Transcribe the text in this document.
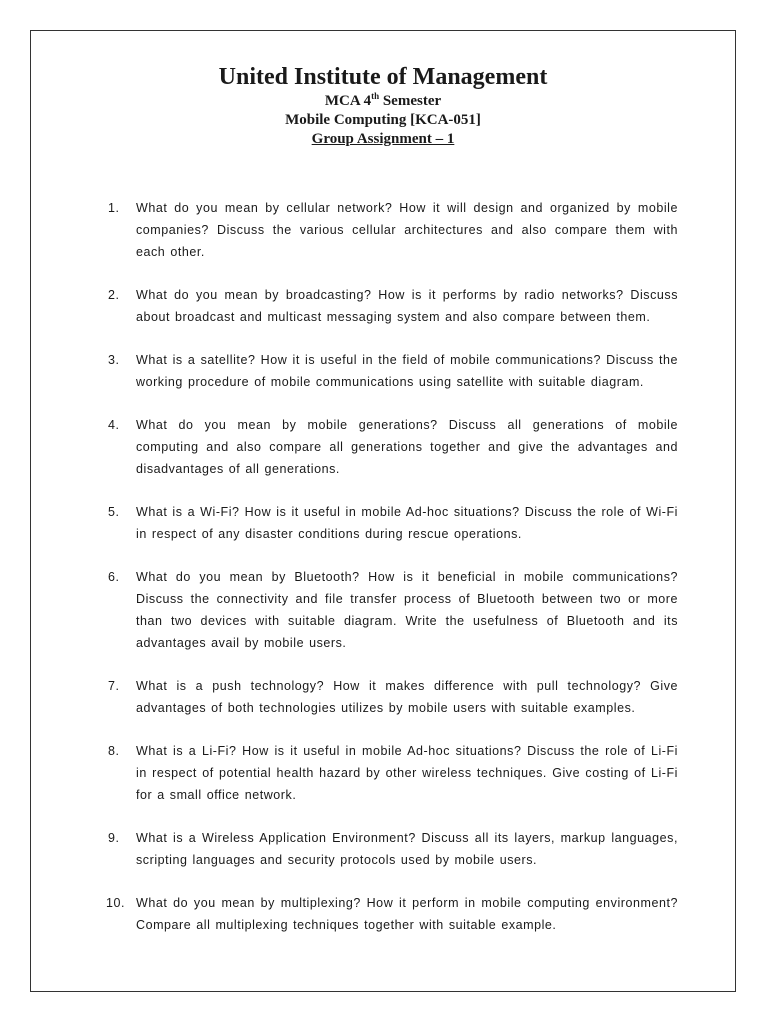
United Institute of Management

MCA 4th Semester

Mobile Computing [KCA-051]

Group Assignment – 1

1. What do you mean by cellular network? How it will design and organized by mobile companies? Discuss the various cellular architectures and also compare them with each other.
2. What do you mean by broadcasting? How is it performs by radio networks? Discuss about broadcast and multicast messaging system and also compare between them.
3. What is a satellite? How it is useful in the field of mobile communications? Discuss the working procedure of mobile communications using satellite with suitable diagram.
4. What do you mean by mobile generations? Discuss all generations of mobile computing and also compare all generations together and give the advantages and disadvantages of all generations.
5. What is a Wi-Fi? How is it useful in mobile Ad-hoc situations? Discuss the role of Wi-Fi in respect of any disaster conditions during rescue operations.
6. What do you mean by Bluetooth? How is it beneficial in mobile communications? Discuss the connectivity and file transfer process of Bluetooth between two or more than two devices with suitable diagram. Write the usefulness of Bluetooth and its advantages avail by mobile users.
7. What is a push technology? How it makes difference with pull technology? Give advantages of both technologies utilizes by mobile users with suitable examples.
8. What is a Li-Fi? How is it useful in mobile Ad-hoc situations? Discuss the role of Li-Fi in respect of potential health hazard by other wireless techniques. Give costing of Li-Fi for a small office network.
9. What is a Wireless Application Environment? Discuss all its layers, markup languages, scripting languages and security protocols used by mobile users.
10. What do you mean by multiplexing? How it perform in mobile computing environment? Compare all multiplexing techniques together with suitable example.
